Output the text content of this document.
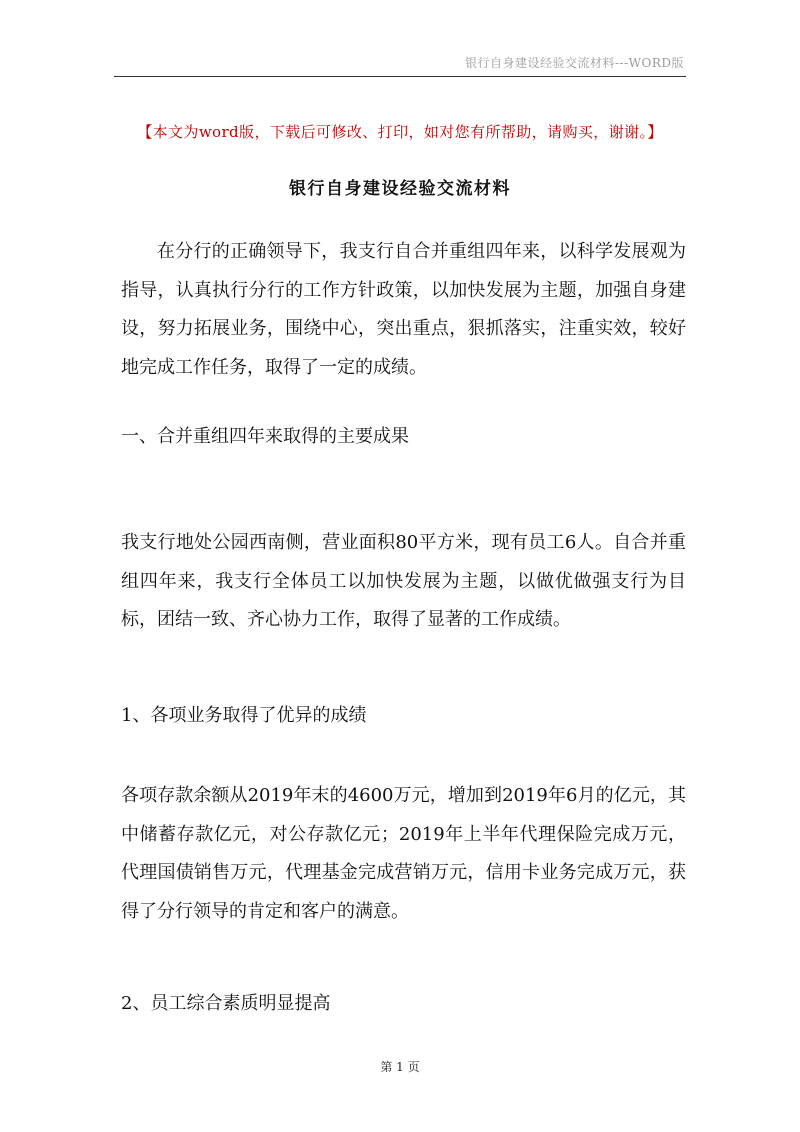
银行自身建设经验交流材料---WORD版
【本文为word版，下载后可修改、打印，如对您有所帮助，请购买，谢谢。】
银行自身建设经验交流材料

在分行的正确领导下，我支行自合并重组四年来，以科学发展观为指导，认真执行分行的工作方针政策，以加快发展为主题，加强自身建设，努力拓展业务，围绕中心，突出重点，狠抓落实，注重实效，较好地完成工作任务，取得了一定的成绩。

一、合并重组四年来取得的主要成果

我支行地处公园西南侧，营业面积80平方米，现有员工6人。自合并重组四年来，我支行全体员工以加快发展为主题，以做优做强支行为目标，团结一致、齐心协力工作，取得了显著的工作成绩。

1、各项业务取得了优异的成绩

各项存款余额从2019年末的4600万元，增加到2019年6月的亿元，其中储蓄存款亿元，对公存款亿元；2019年上半年代理保险完成万元，代理国债销售万元，代理基金完成营销万元，信用卡业务完成万元，获得了分行领导的肯定和客户的满意。

2、员工综合素质明显提高

第 1 页
